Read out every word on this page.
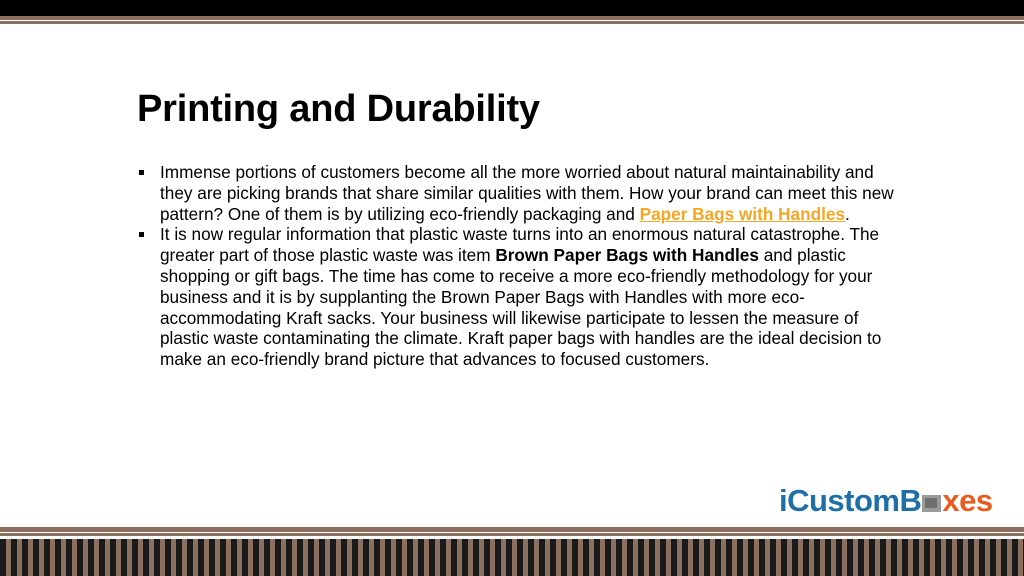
Printing and Durability
Immense portions of customers become all the more worried about natural maintainability and they are picking brands that share similar qualities with them. How your brand can meet this new pattern? One of them is by utilizing eco-friendly packaging and Paper Bags with Handles.
It is now regular information that plastic waste turns into an enormous natural catastrophe. The greater part of those plastic waste was item Brown Paper Bags with Handles and plastic shopping or gift bags. The time has come to receive a more eco-friendly methodology for your business and it is by supplanting the Brown Paper Bags with Handles with more eco-accommodating Kraft sacks. Your business will likewise participate to lessen the measure of plastic waste contaminating the climate. Kraft paper bags with handles are the ideal decision to make an eco-friendly brand picture that advances to focused customers.
iCustomB xes
